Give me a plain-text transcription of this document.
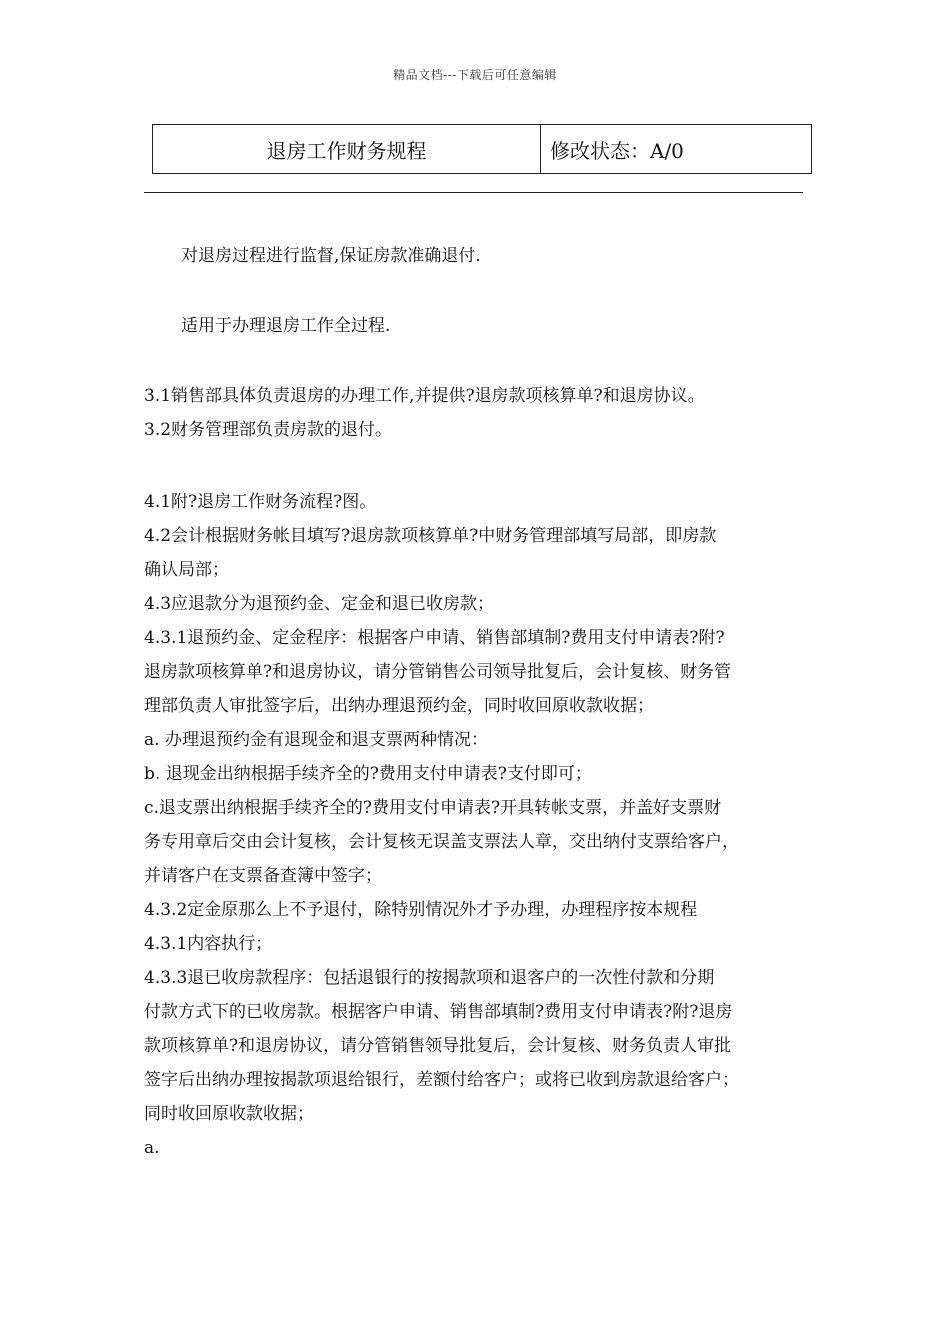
精品文档---下载后可任意编辑
退房工作财务规程	修改状态：A/0

对退房过程进行监督,保证房款准确退付.

适用于办理退房工作全过程.

3.1销售部具体负责退房的办理工作,并提供?退房款项核算单?和退房协议。

3.2财务管理部负责房款的退付。

4.1附?退房工作财务流程?图。

4.2会计根据财务帐目填写?退房款项核算单?中财务管理部填写局部，即房款

确认局部；

4.3应退款分为退预约金、定金和退已收房款；

4.3.1退预约金、定金程序：根据客户申请、销售部填制?费用支付申请表?附?

退房款项核算单?和退房协议，请分管销售公司领导批复后，会计复核、财务管

理部负责人审批签字后，出纳办理退预约金，同时收回原收款收据；

a. 办理退预约金有退现金和退支票两种情况：

b. 退现金出纳根据手续齐全的?费用支付申请表?支付即可；

c.退支票出纳根据手续齐全的?费用支付申请表?开具转帐支票，并盖好支票财

务专用章后交由会计复核，会计复核无误盖支票法人章，交出纳付支票给客户，

并请客户在支票备查簿中签字；

4.3.2定金原那么上不予退付，除特别情况外才予办理，办理程序按本规程

4.3.1内容执行；

4.3.3退已收房款程序：包括退银行的按揭款项和退客户的一次性付款和分期

付款方式下的已收房款。根据客户申请、销售部填制?费用支付申请表?附?退房

款项核算单?和退房协议，请分管销售领导批复后，会计复核、财务负责人审批

签字后出纳办理按揭款项退给银行，差额付给客户；或将已收到房款退给客户；

同时收回原收款收据；

a.
